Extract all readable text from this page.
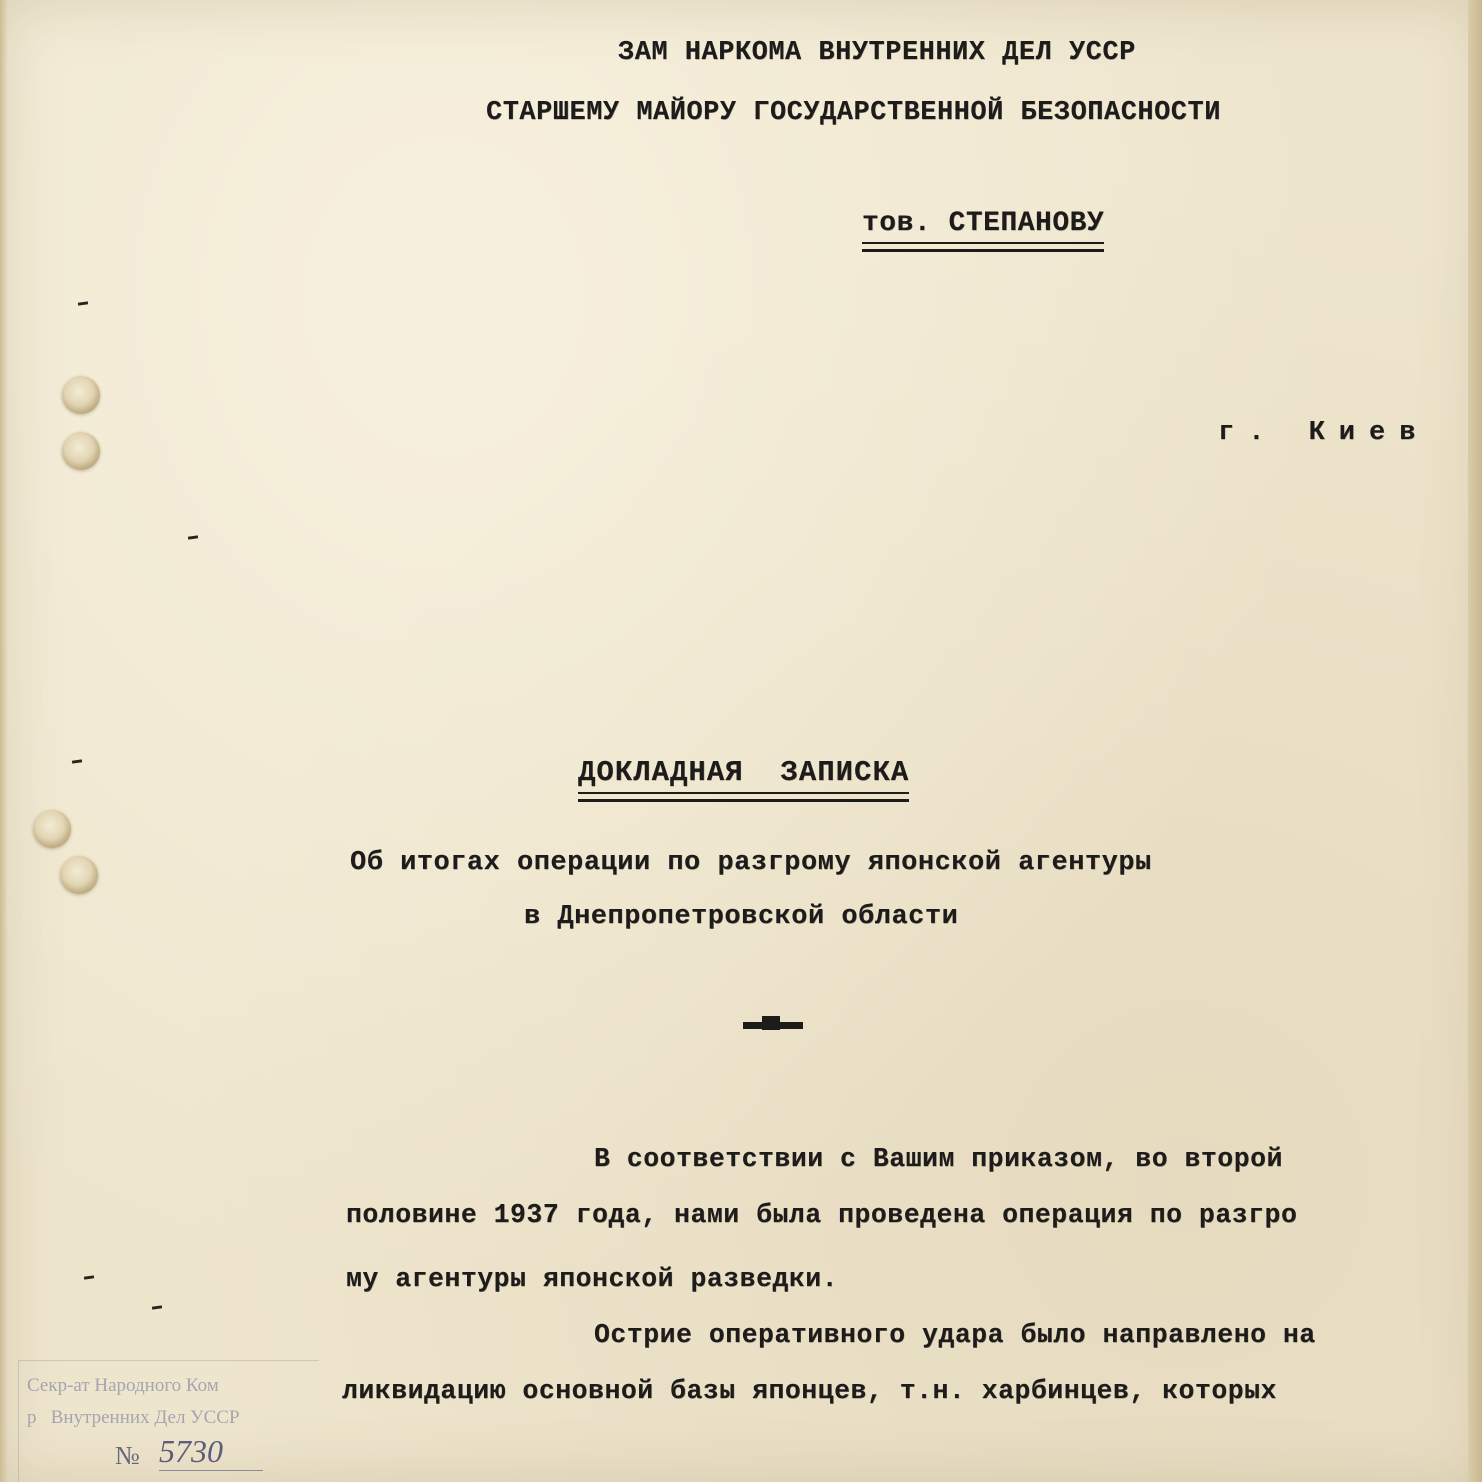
ЗАМ НАРКОМА ВНУТРЕННИХ ДЕЛ УССР
СТАРШЕМУ МАЙОРУ ГОСУДАРСТВЕННОЙ БЕЗОПАСНОСТИ
тов. СТЕПАНОВУ
г. Киев
ДОКЛАДНАЯ  ЗАПИСКА
Об итогах операции по разгрому японской агентуры
в Днепропетровской области
В соответствии с Вашим приказом, во второй
половине 1937 года, нами была проведена операция по разгро
му агентуры японской разведки.
Острие оперативного удара было направлено на
ликвидацию основной базы японцев, т.н. харбинцев, которых
Секр-ат Народного Ком
р   Внутренних Дел УССР
№ 5730
